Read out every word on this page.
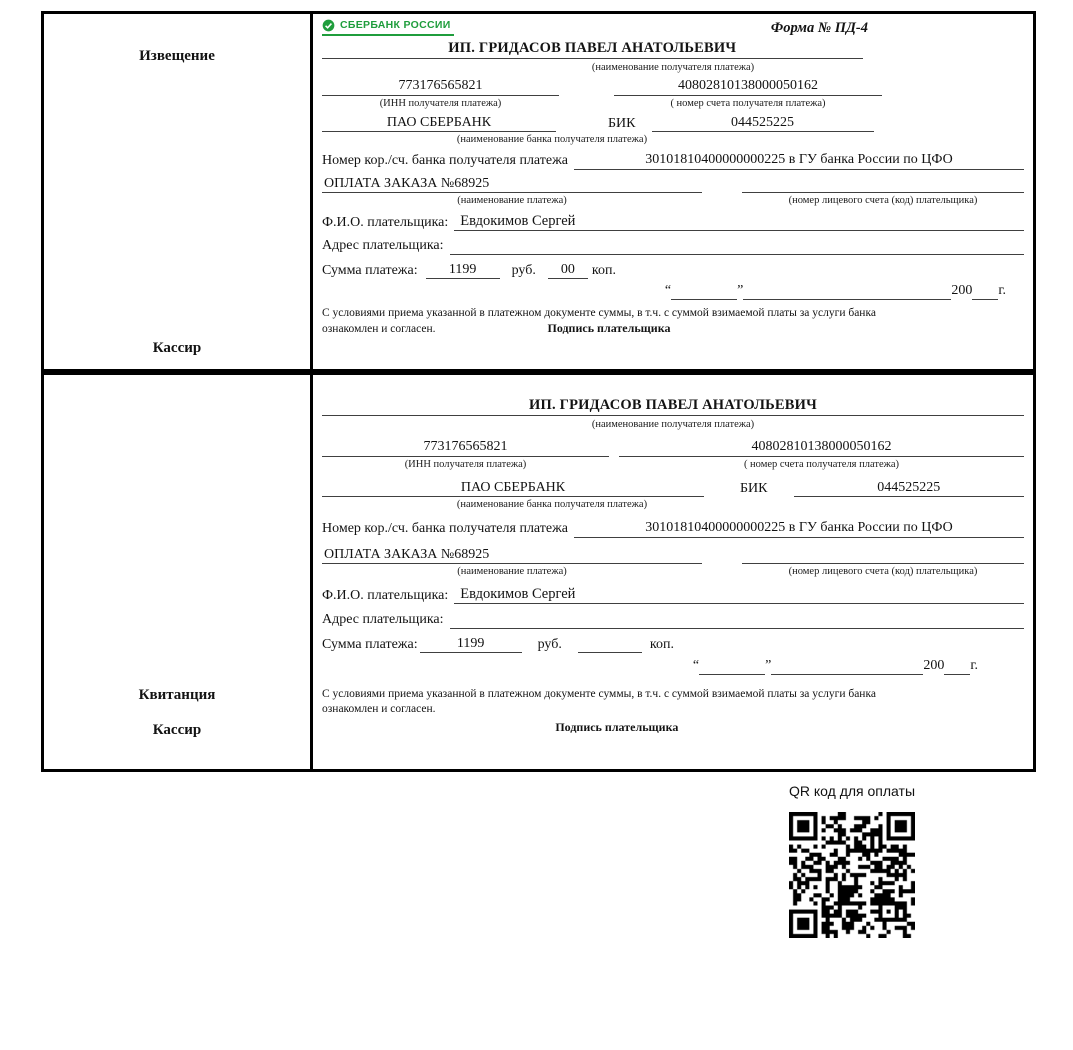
Извещение
Кассир
СБЕРБАНК РОССИИ	Форма № ПД-4
ИП. ГРИДАСОВ ПАВЕЛ АНАТОЛЬЕВИЧ
(наименование получателя платежа)
773176565821	40802810138000050162
(ИНН получателя платежа)	( номер счета получателя платежа)
ПАО СБЕРБАНК	БИК	044525225
(наименование банка получателя платежа)
Номер кор./сч. банка получателя платежа	30101810400000000225 в ГУ банка России по ЦФО
ОПЛАТА ЗАКАЗА №68925
(наименование платежа)	(номер лицевого счета (код) плательщика)
Ф.И.О. плательщика: Евдокимов Сергей
Адрес плательщика:
Сумма платежа:	1199	руб.	00	коп.
“	”	200 г.
С условиями приема указанной в платежном документе суммы, в т.ч. с суммой взимаемой платы за услуги банка
ознакомлен и согласен.	Подпись плательщика
Квитанция
Кассир
ИП. ГРИДАСОВ ПАВЕЛ АНАТОЛЬЕВИЧ
(наименование получателя платежа)
773176565821	40802810138000050162
(ИНН получателя платежа)	( номер счета получателя платежа)
ПАО СБЕРБАНК	БИК	044525225
(наименование банка получателя платежа)
Номер кор./сч. банка получателя платежа	30101810400000000225 в ГУ банка России по ЦФО
ОПЛАТА ЗАКАЗА №68925
(наименование платежа)	(номер лицевого счета (код) плательщика)
Ф.И.О. плательщика: Евдокимов Сергей
Адрес плательщика:
Сумма платежа:	1199	руб.	коп.
“	”	200 г.
С условиями приема указанной в платежном документе суммы, в т.ч. с суммой взимаемой платы за услуги банка
ознакомлен и согласен.
Подпись плательщика
QR код для оплаты
